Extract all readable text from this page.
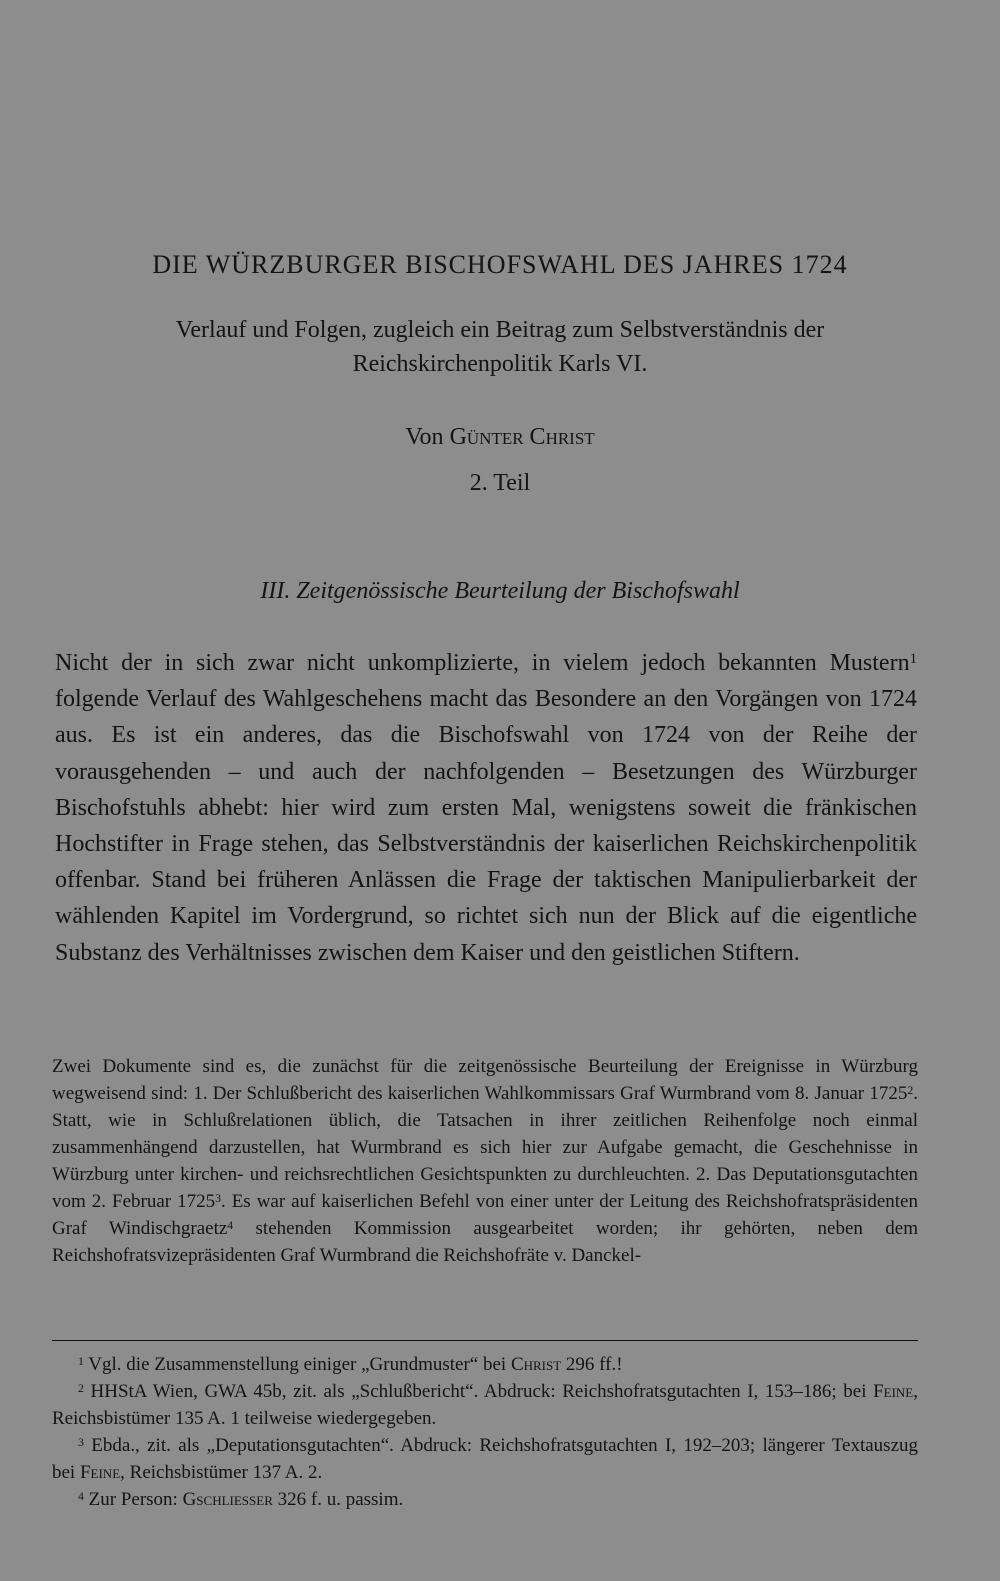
DIE WÜRZBURGER BISCHOFSWAHL DES JAHRES 1724
Verlauf und Folgen, zugleich ein Beitrag zum Selbstverständnis der
Reichskirchenpolitik Karls VI.
Von Günter Christ
2. Teil
III. Zeitgenössische Beurteilung der Bischofswahl

Nicht der in sich zwar nicht unkomplizierte, in vielem jedoch bekannten Mustern$^1$ folgende Verlauf des Wahlgeschehens macht das Besondere an den Vorgängen von 1724 aus. Es ist ein anderes, das die Bischofswahl von 1724 von der Reihe der vorausgehenden – und auch der nachfolgenden – Besetzungen des Würzburger Bischofstuhls abhebt: hier wird zum ersten Mal, wenigstens soweit die fränkischen Hochstifter in Frage stehen, das Selbstverständnis der kaiserlichen Reichskirchenpolitik offenbar. Stand bei früheren Anlässen die Frage der taktischen Manipulierbarkeit der wählenden Kapitel im Vordergrund, so richtet sich nun der Blick auf die eigentliche Substanz des Verhältnisses zwischen dem Kaiser und den geistlichen Stiftern.

Zwei Dokumente sind es, die zunächst für die zeitgenössische Beurteilung der Ereignisse in Würzburg wegweisend sind: 1. Der Schlußbericht des kaiserlichen Wahlkommissars Graf Wurmbrand vom 8. Januar 1725$^2$. Statt, wie in Schlußrelationen üblich, die Tatsachen in ihrer zeitlichen Reihenfolge noch einmal zusammenhängend darzustellen, hat Wurmbrand es sich hier zur Aufgabe gemacht, die Geschehnisse in Würzburg unter kirchen- und reichsrechtlichen Gesichtspunkten zu durchleuchten. 2. Das Deputationsgutachten vom 2. Februar 1725$^3$. Es war auf kaiserlichen Befehl von einer unter der Leitung des Reichshofratspräsidenten Graf Windischgraetz$^4$ stehenden Kommission ausgearbeitet worden; ihr gehörten, neben dem Reichshofratsvizepräsidenten Graf Wurmbrand die Reichshofräte v. Danckel-

$^1$ Vgl. die Zusammenstellung einiger „Grundmuster“ bei Christ 296 ff.!

$^2$ HHStA Wien, GWA 45b, zit. als „Schlußbericht“. Abdruck: Reichshofratsgutachten I, 153–186; bei Feine, Reichsbistümer 135 A. 1 teilweise wiedergegeben.

$^3$ Ebda., zit. als „Deputationsgutachten“. Abdruck: Reichshofratsgutachten I, 192–203; längerer Textauszug bei Feine, Reichsbistümer 137 A. 2.

$^4$ Zur Person: Gschliesser 326 f. u. passim.
